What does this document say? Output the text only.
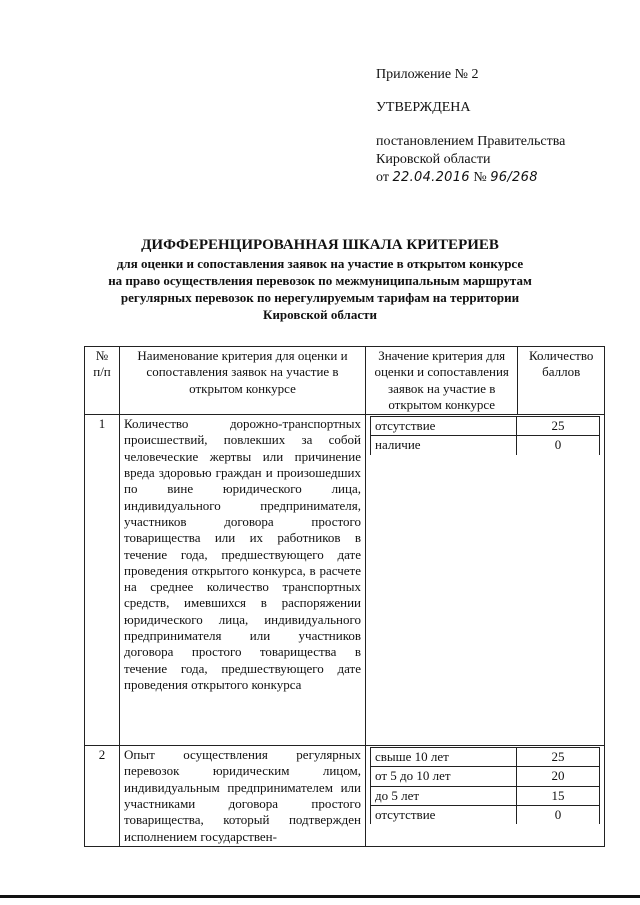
Приложение № 2
УТВЕРЖДЕНА
постановлением Правительства
Кировской области
от 22.04.2016 № 96/268
ДИФФЕРЕНЦИРОВАННАЯ ШКАЛА КРИТЕРИЕВ
для оценки и сопоставления заявок на участие в открытом конкурсе
на право осуществления перевозок по межмуниципальным маршрутам
регулярных перевозок по нерегулируемым тарифам на территории
Кировской области
№ п/п	Наименование критерия для оценки и сопоставления заявок на участие в открытом конкурсе	Значение критерия для оценки и сопоставления заявок на участие в открытом конкурсе	Количество баллов
1	Количество дорожно-транспортных происшествий, повлекших за собой человеческие жертвы или причинение вреда здоровью граждан и произошедших по вине юридического лица, индивидуального предпринимателя, участников договора простого товарищества или их работников в течение года, предшествующего дате проведения открытого конкурса, в расчете на среднее количество транспортных средств, имевшихся в распоряжении юридического лица, индивидуального предпринимателя или участников договора простого товарищества в течение года, предшествующего дате проведения открытого конкурса	
отсутствие	25
наличие	0

2	Опыт осуществления регулярных перевозок юридическим лицом, индивидуальным предпринимателем или участниками договора простого товарищества, который подтвержден исполнением государствен-	
свыше 10 лет	25
от 5 до 10 лет	20
до 5 лет	15
отсутствие	0
